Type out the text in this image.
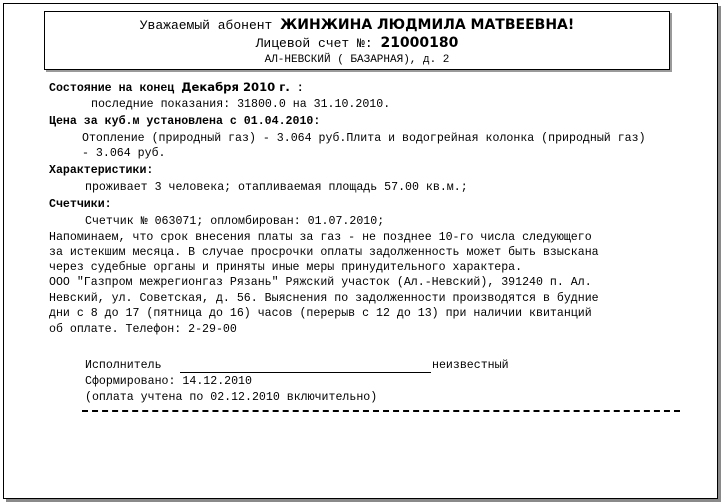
Уважаемый абонент ЖИНЖИНА ЛЮДМИЛА МАТВЕЕВНА!
Лицевой счет №: 21000180
АЛ-НЕВСКИЙ ( БАЗАРНАЯ), д. 2
Состояние на конец Декабря 2010 г. :
последние показания: 31800.0 на 31.10.2010.
Цена за куб.м установлена с 01.04.2010:
Отопление (природный газ) - 3.064 руб.Плита и водогрейная колонка (природный газ)
- 3.064 руб.
Характеристики:
проживает 3 человека; отапливаемая площадь 57.00 кв.м.;
Счетчики:
Счетчик № 063071; опломбирован: 01.07.2010;
Напоминаем, что срок внесения платы за газ - не позднее 10-го числа следующего
за истекшим месяца. В случае просрочки оплаты задолженность может быть взыскана
через судебные органы и приняты иные меры принудительного характера.
ООО "Газпром межрегионгаз Рязань" Ряжский участок (Ал.-Невский), 391240 п. Ал.
Невский, ул. Советская, д. 56. Выяснения по задолженности производятся в будние
дни с 8 до 17 (пятница до 16) часов (перерыв с 12 до 13) при наличии квитанций
об оплате. Телефон: 2-29-00
Исполнитель	неизвестный
Сформировано: 14.12.2010
(оплата учтена по 02.12.2010 включительно)
